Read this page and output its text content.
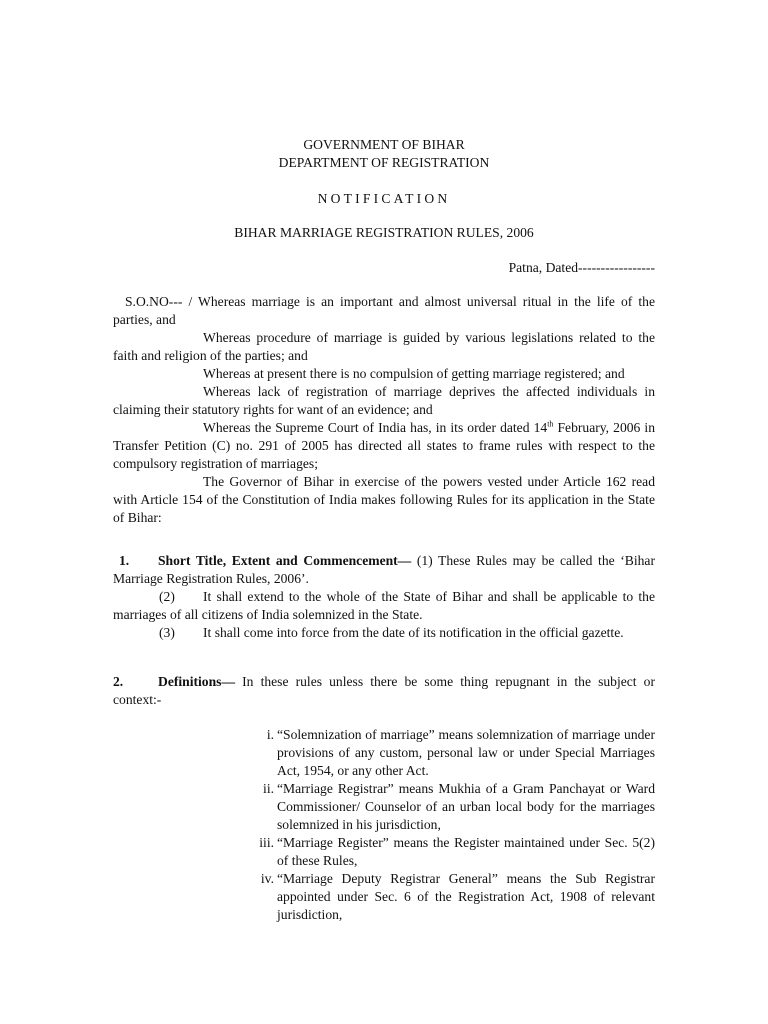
GOVERNMENT OF BIHAR
DEPARTMENT OF REGISTRATION
NOTIFICATION
BIHAR MARRIAGE REGISTRATION RULES, 2006
Patna, Dated-----------------

S.O.NO--- / Whereas marriage is an important and almost universal ritual in the life of the parties, and

Whereas procedure of marriage is guided by various legislations related to the faith and religion of the parties; and

Whereas at present there is no compulsion of getting marriage registered; and

Whereas lack of registration of marriage deprives the affected individuals in claiming their statutory rights for want of an evidence; and

Whereas the Supreme Court of India has, in its order dated 14th February, 2006 in Transfer Petition (C) no. 291 of 2005 has directed all states to frame rules with respect to the compulsory registration of marriages;

The Governor of Bihar in exercise of the powers vested under Article 162 read with Article 154 of the Constitution of India makes following Rules for its application in the State of Bihar:

1. Short Title, Extent and Commencement— (1) These Rules may be called the ‘Bihar Marriage Registration Rules, 2006’.

(2) It shall extend to the whole of the State of Bihar and shall be applicable to the marriages of all citizens of India solemnized in the State.

(3) It shall come into force from the date of its notification in the official gazette.

2.	Definitions— In these rules unless there be some thing repugnant in the subject or context:-

i. “Solemnization of marriage” means solemnization of marriage under provisions of any custom, personal law or under Special Marriages Act, 1954, or any other Act.
ii. “Marriage Registrar” means Mukhia of a Gram Panchayat or Ward Commissioner/ Counselor of an urban local body for the marriages solemnized in his jurisdiction,
iii. “Marriage Register” means the Register maintained under Sec. 5(2) of these Rules,
iv. “Marriage Deputy Registrar General” means the Sub Registrar appointed under Sec. 6 of the Registration Act, 1908 of relevant jurisdiction,
